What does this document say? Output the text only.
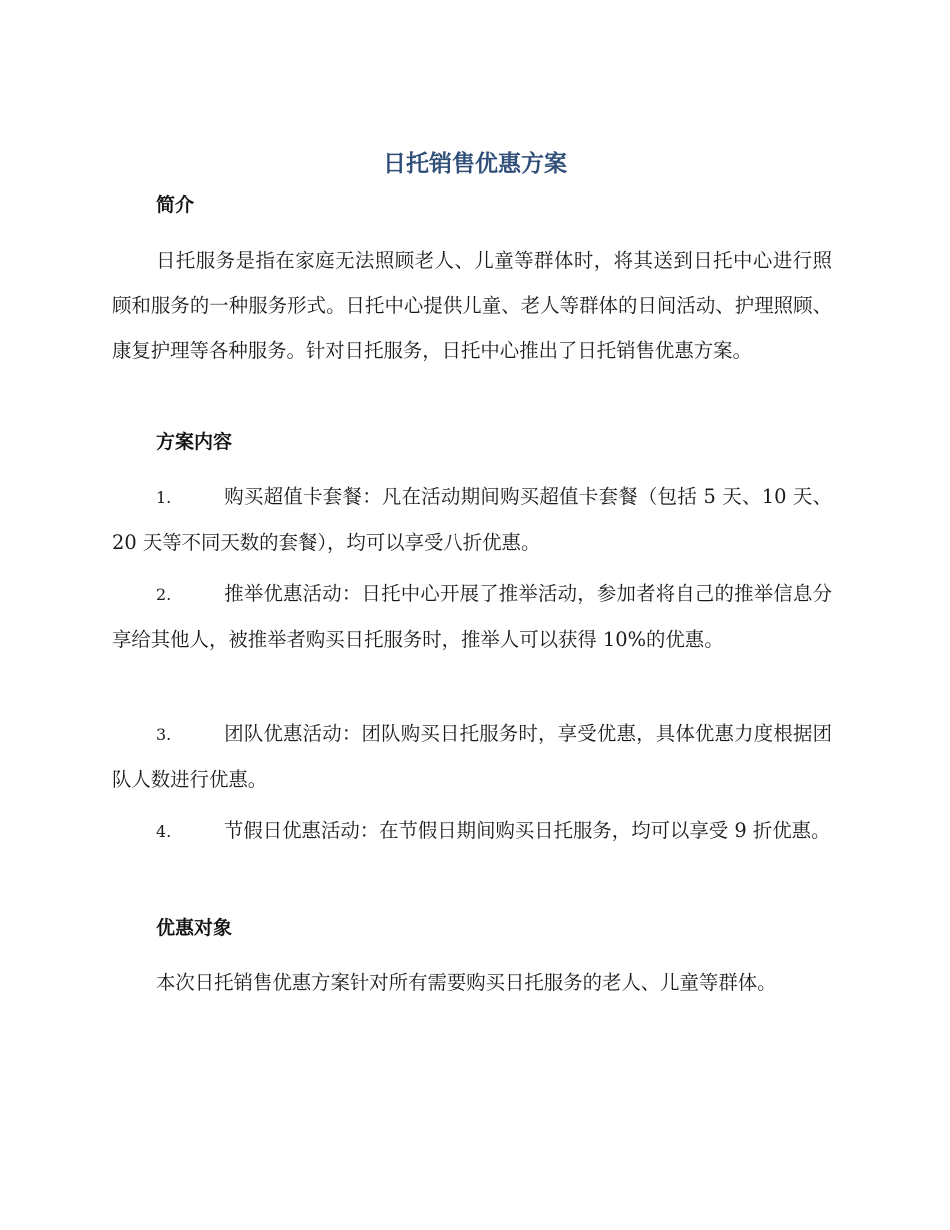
日托销售优惠方案
简介

日托服务是指在家庭无法照顾老人、儿童等群体时，将其送到日托中心进行照顾和服务的一种服务形式。日托中心提供儿童、老人等群体的日间活动、护理照顾、康复护理等各种服务。针对日托服务，日托中心推出了日托销售优惠方案。

方案内容

1.	购买超值卡套餐：凡在活动期间购买超值卡套餐（包括 5 天、10 天、20 天等不同天数的套餐），均可以享受八折优惠。

2.	推举优惠活动：日托中心开展了推举活动，参加者将自己的推举信息分享给其他人，被推举者购买日托服务时，推举人可以获得 10%的优惠。

3.	团队优惠活动：团队购买日托服务时，享受优惠，具体优惠力度根据团队人数进行优惠。

4.	节假日优惠活动：在节假日期间购买日托服务，均可以享受 9 折优惠。

优惠对象

本次日托销售优惠方案针对所有需要购买日托服务的老人、儿童等群体。
